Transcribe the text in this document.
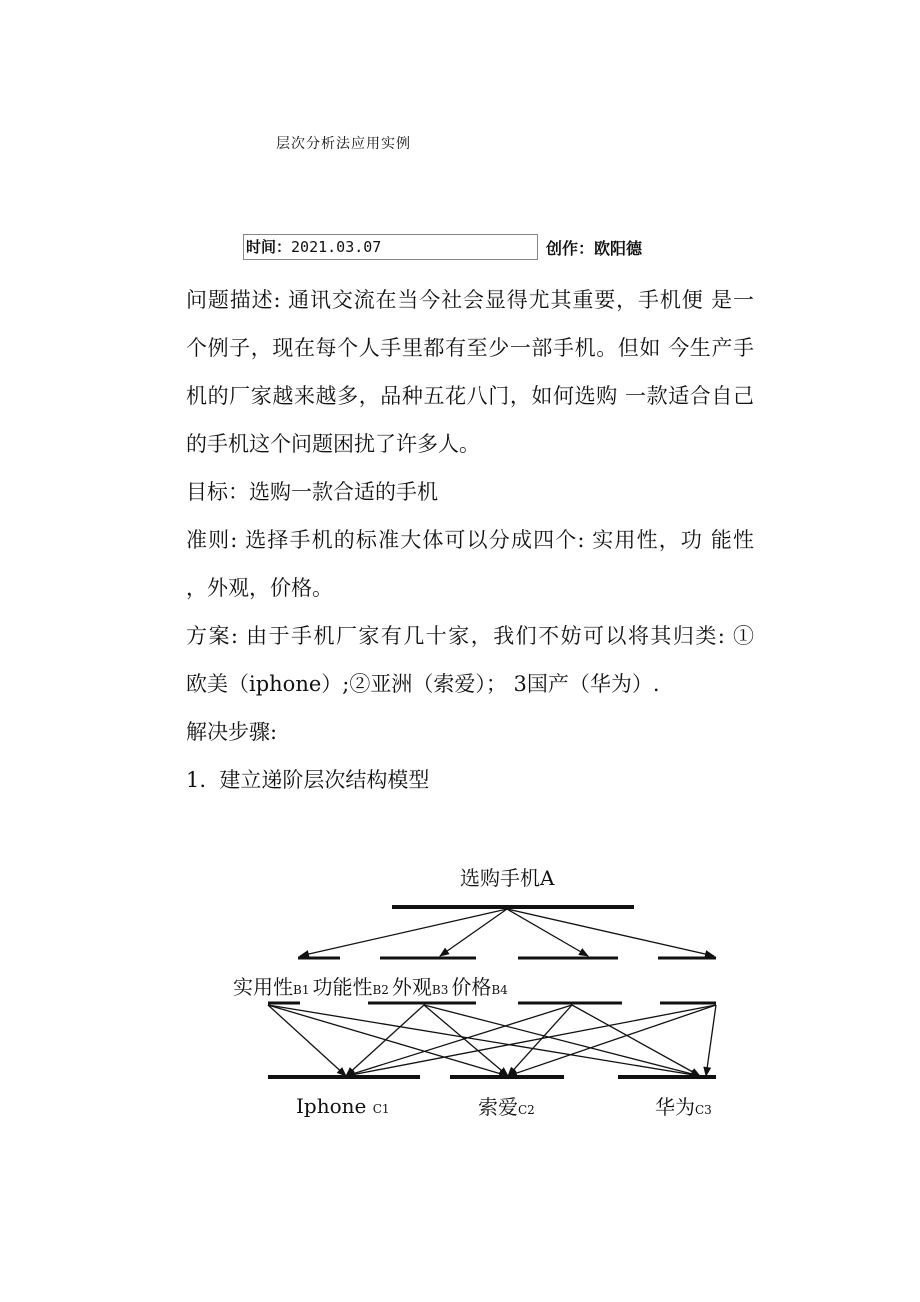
层次分析法应用实例
时间：2021.03.07	创作：欧阳德

问题描述: 通讯交流在当今社会显得尤其重要，手机便 是一

个例子，现在每个人手里都有至少一部手机。但如 今生产手

机的厂家越来越多，品种五花八门，如何选购 一款适合自己

的手机这个问题困扰了许多人。

目标：选购一款合适的手机

准则: 选择手机的标准大体可以分成四个: 实用性，功 能性

，外观，价格。

方案: 由于手机厂家有几十家，我们不妨可以将其归类: ①

欧美（iphone）;②亚洲（索爱）； 3国产（华为）.

解决步骤:

1.  建立递阶层次结构模型

选购手机A
实用性B1 功能性B2 外观B3 价格B4
Iphone C1	索爱C2	华为C3
